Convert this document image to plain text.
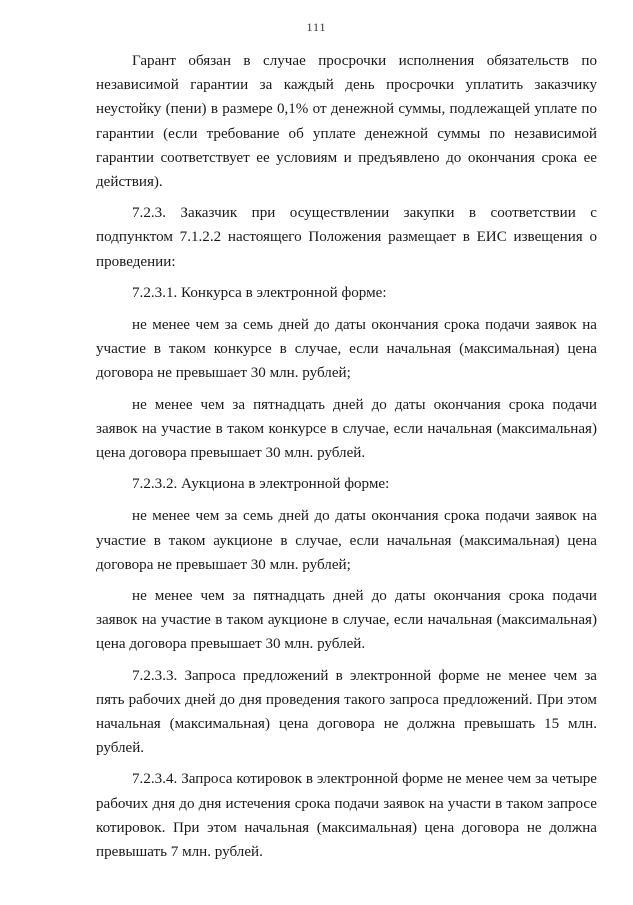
111

Гарант обязан в случае просрочки исполнения обязательств по независимой гарантии за каждый день просрочки уплатить заказчику неустойку (пени) в размере 0,1% от денежной суммы, подлежащей уплате по гарантии (если требование об уплате денежной суммы по независимой гарантии соответствует ее условиям и предъявлено до окончания срока ее действия).

7.2.3. Заказчик при осуществлении закупки в соответствии с подпунктом 7.1.2.2 настоящего Положения размещает в ЕИС извещения о проведении:

7.2.3.1. Конкурса в электронной форме:

не менее чем за семь дней до даты окончания срока подачи заявок на участие в таком конкурсе в случае, если начальная (максимальная) цена договора не превышает 30 млн. рублей;

не менее чем за пятнадцать дней до даты окончания срока подачи заявок на участие в таком конкурсе в случае, если начальная (максимальная) цена договора превышает 30 млн. рублей.

7.2.3.2. Аукциона в электронной форме:

не менее чем за семь дней до даты окончания срока подачи заявок на участие в таком аукционе в случае, если начальная (максимальная) цена договора не превышает 30 млн. рублей;

не менее чем за пятнадцать дней до даты окончания срока подачи заявок на участие в таком аукционе в случае, если начальная (максимальная) цена договора превышает 30 млн. рублей.

7.2.3.3. Запроса предложений в электронной форме не менее чем за пять рабочих дней до дня проведения такого запроса предложений. При этом начальная (максимальная) цена договора не должна превышать 15 млн. рублей.

7.2.3.4. Запроса котировок в электронной форме не менее чем за четыре рабочих дня до дня истечения срока подачи заявок на участи в таком запросе котировок. При этом начальная (максимальная) цена договора не должна превышать 7 млн. рублей.
